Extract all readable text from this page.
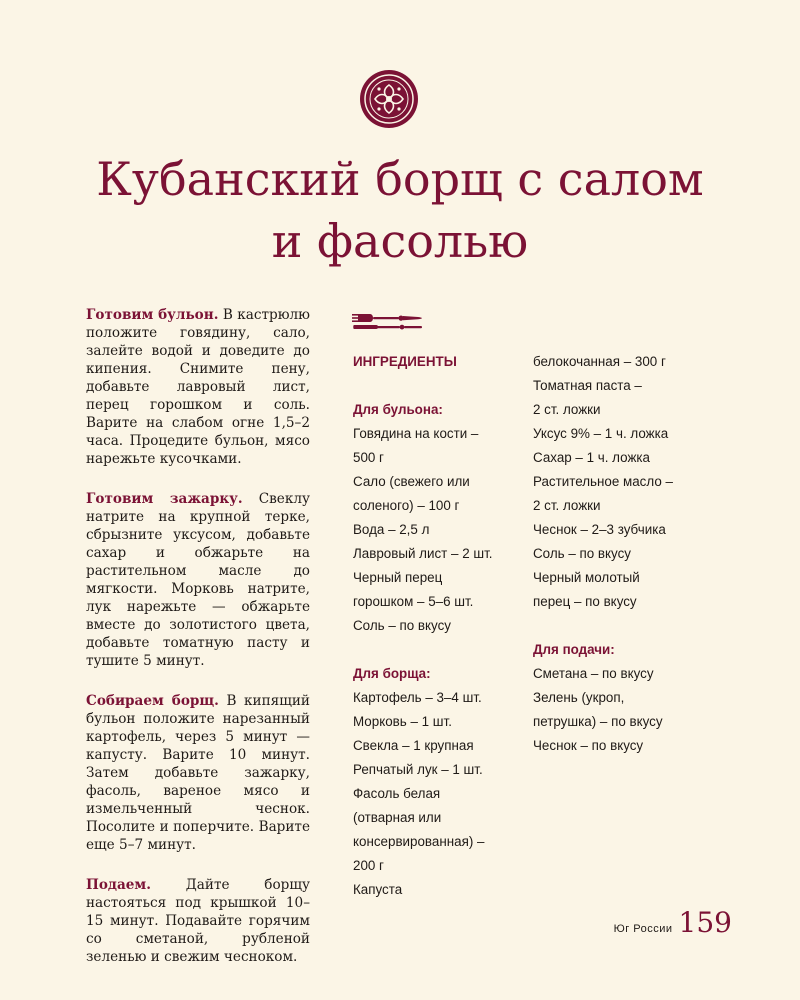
Кубанский борщ с салом
и фасолью

Готовим бульон. В кастрюлю положите говядину, сало, залейте водой и доведите до кипения. Снимите пену, добавьте лавровый лист, перец горошком и соль. Варите на слабом огне 1,5–2 часа. Процедите бульон, мясо нарежьте кусочками.

Готовим зажарку. Свеклу натрите на крупной терке, сбрызните уксусом, добавьте сахар и обжарьте на растительном масле до мягкости. Морковь натрите, лук нарежьте — обжарьте вместе до золотистого цвета, добавьте томатную пасту и тушите 5 минут.

Собираем борщ. В кипящий бульон положите нарезанный картофель, через 5 минут — капусту. Варите 10 минут. Затем добавьте зажарку, фасоль, вареное мясо и измельченный чеснок. Посолите и поперчите. Варите еще 5–7 минут.

Подаем. Дайте борщу настояться под крышкой 10–15 минут. Подавайте горячим со сметаной, рубленой зеленью и свежим чесноком.

ИНГРЕДИЕНТЫ
Для бульона:
Говядина на кости –
500 г
Сало (свежего или
соленого) – 100 г
Вода – 2,5 л
Лавровый лист – 2 шт.
Черный перец
горошком – 5–6 шт.
Соль – по вкусу
Для борща:
Картофель – 3–4 шт.
Морковь – 1 шт.
Свекла – 1 крупная
Репчатый лук – 1 шт.
Фасоль белая
(отварная или
консервированная) –
200 г
Капуста
белокочанная – 300 г
Томатная паста –
2 ст. ложки
Уксус 9% – 1 ч. ложка
Сахар – 1 ч. ложка
Растительное масло –
2 ст. ложки
Чеснок – 2–3 зубчика
Соль – по вкусу
Черный молотый
перец – по вкусу
Для подачи:
Сметана – по вкусу
Зелень (укроп,
петрушка) – по вкусу
Чеснок – по вкусу
Юг России 159
